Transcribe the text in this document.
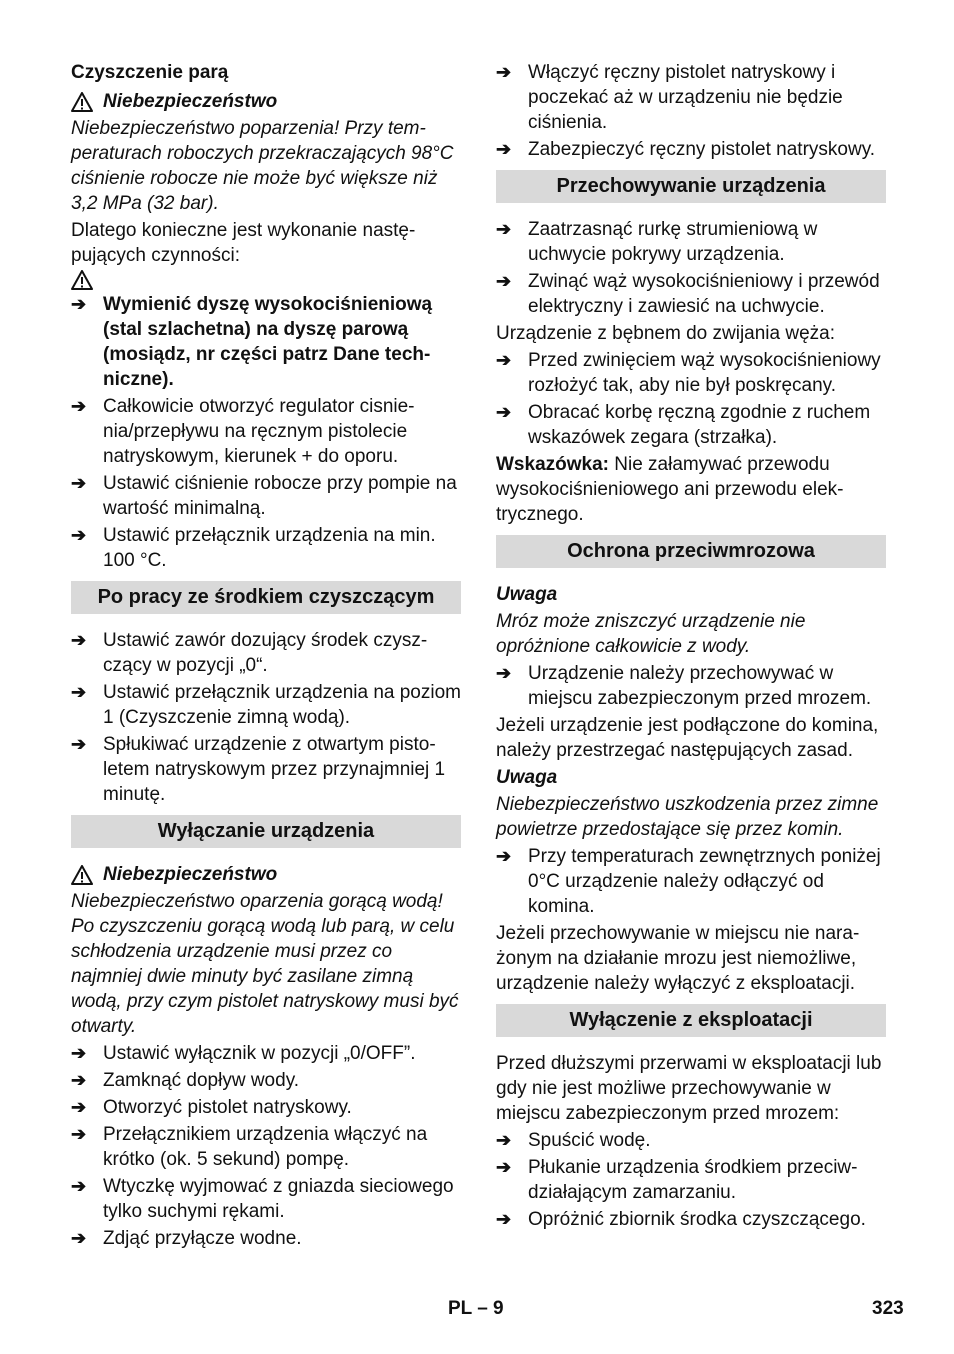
Czyszczenie parą

Niebezpieczeństwo

Niebezpieczeństwo poparzenia! Przy temperaturach roboczych przekraczających 98°C ciśnienie robocze nie może być większe niż 3,2 MPa (32 bar).

Dlatego konieczne jest wykonanie następujących czynności:

➔ Wymienić dyszę wysokociśnieniową (stal szlachetna) na dyszę parową (mosiądz, nr części patrz Dane techniczne).
➔ Całkowicie otworzyć regulator cisnienia/przepływu na ręcznym pistolecie natryskowym, kierunek + do oporu.
➔ Ustawić ciśnienie robocze przy pompie na wartość minimalną.
➔ Ustawić przełącznik urządzenia na min. 100 °C.
Po pracy ze środkiem czyszczącym
➔ Ustawić zawór dozujący środek czyszczący w pozycji „0“.
➔ Ustawić przełącznik urządzenia na poziom 1 (Czyszczenie zimną wodą).
➔ Spłukiwać urządzenie z otwartym pistoletem natryskowym przez przynajmniej 1 minutę.
Wyłączanie urządzenia
Niebezpieczeństwo

Niebezpieczeństwo oparzenia gorącą wodą! Po czyszczeniu gorącą wodą lub parą, w celu schłodzenia urządzenie musi przez co najmniej dwie minuty być zasilane zimną wodą, przy czym pistolet natryskowy musi być otwarty.

➔ Ustawić wyłącznik w pozycji „0/OFF”.
➔ Zamknąć dopływ wody.
➔ Otworzyć pistolet natryskowy.
➔ Przełącznikiem urządzenia włączyć na krótko (ok. 5 sekund) pompę.
➔ Wtyczkę wyjmować z gniazda sieciowego tylko suchymi rękami.
➔ Zdjąć przyłącze wodne.
➔ Włączyć ręczny pistolet natryskowy i poczekać aż w urządzeniu nie będzie ciśnienia.
➔ Zabezpieczyć ręczny pistolet natryskowy.
Przechowywanie urządzenia
➔ Zaatrzasnąć rurkę strumieniową w uchwycie pokrywy urządzenia.
➔ Zwinąć wąż wysokociśnieniowy i przewód elektryczny i zawiesić na uchwycie.

Urządzenie z bębnem do zwijania węża:

➔ Przed zwinięciem wąż wysokociśnieniowy rozłożyć tak, aby nie był poskręcany.
➔ Obracać korbę ręczną zgodnie z ruchem wskazówek zegara (strzałka).

Wskazówka: Nie załamywać przewodu wysokociśnieniowego ani przewodu elektrycznego.

Ochrona przeciwmrozowa

Uwaga

Mróz może zniszczyć urządzenie nie opróżnione całkowicie z wody.

➔ Urządzenie należy przechowywać w miejscu zabezpieczonym przed mrozem.

Jeżeli urządzenie jest podłączone do komina, należy przestrzegać następujących zasad.

Uwaga

Niebezpieczeństwo uszkodzenia przez zimne powietrze przedostające się przez komin.

➔ Przy temperaturach zewnętrznych poniżej 0°C urządzenie należy odłączyć od komina.

Jeżeli przechowywanie w miejscu nie narażonym na działanie mrozu jest niemożliwe, urządzenie należy wyłączyć z eksploatacji.

Wyłączenie z eksploatacji

Przed dłuższymi przerwami w eksploatacji lub gdy nie jest możliwe przechowywanie w miejscu zabezpieczonym przed mrozem:

➔ Spuścić wodę.
➔ Płukanie urządzenia środkiem przeciwdziałającym zamarzaniu.
➔ Opróżnić zbiornik środka czyszczącego.
PL – 9	323
